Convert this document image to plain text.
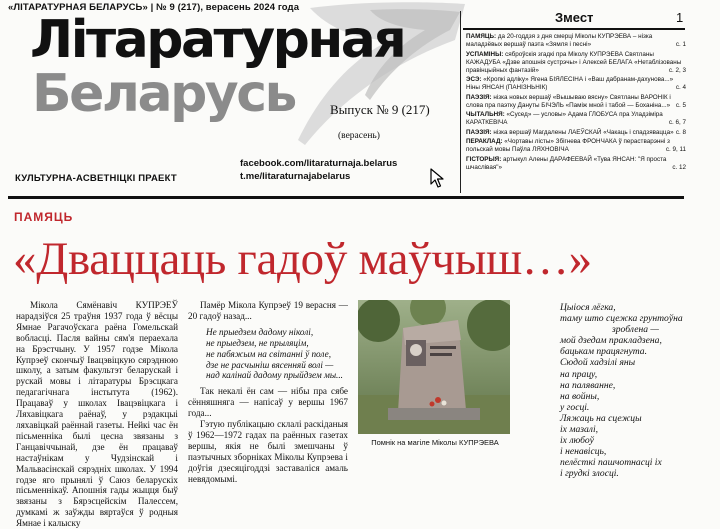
«ЛІТАРАТУРНАЯ БЕЛАРУСЬ» | № 9 (217), верасень 2024 года
Літаратурная
Беларусь	Выпуск № 9 (217)
(верасень)
КУЛЬТУРНА-АСВЕТНІЦКІ ПРАЕКТ
facebook.com/litaraturnaja.belarus
t.me/litaraturnajabelarus
Змест	1

ПАМЯЦЬ: да 20-годдзя з дня смерці Міколы КУПРЭЕВА – нізка маладзёвых вершаў паэта «Зямля і песні»	с. 1

УСПАМІНЫ: сяброўскія згадкі пра Міколу КУПРЭЕВА Святланы КАЖАДУБА «Дзве апошнія сустрэчы» і Алексей БЕЛАГА «Нетаблізованы правінцыйных фантазій»	с. 2, 3

ЭСЭ: «Кропкі адліку» Ягена БІЯЛЕСІНА і «Ваш дабранам-дахунова...» Ніны ЯНСАН (ПАНІЗНЬНІК)	с. 4

ПАЭЗІЯ: нізка новых вершаў «Вышываю вясну» Святланы ВАРОНІК і слова пра паэтку Дануты БІЧЭЛЬ «Паміж мной і табой — Боханіна...» с. 5

ЧЫТАЛЬНЯ: «Сусед» — условы» Адама ГЛОБУСА пра Уладзіміра КАРАТКЕВІЧА	с. 6, 7

ПАЭЗІЯ: нізка вершаў Магдалены ЛАЕЎСКАЙ «Чакаць і спадзявацца» с. 8

ПЕРАКЛАД: «Чортавы лісты» Збігнева ФРОНЧАКА ў перастварэнні з польскай мовы Паўла ЛЯХНОВІЧА	с. 9, 11

ГІСТОРЫЯ: артыкул Алены ДАРАФЕЕВАЙ «Тува ЯНСАН: "Я проста шчаслівая"»	с. 12

ПАМЯЦЬ
«Дваццаць гадоў маўчыш…»
Мікола Сямёнавіч КУПРЭЕЎ нарадзіўся 25 траўня 1937 года ў вёсцы Ямнае Рагачоўскага раёна Гомельскай вобласці. Пасля вайны сям'я пераехала на Брэстчыну. У 1957 годзе Мікола Купрэеў скончыў Івацэвіцкую сярэднюю школу, а затым факультэт беларускай і рускай мовы і літаратуры Брэсцкага педагагічнага інстытута (1962). Працаваў у школах Івацэвіцкага і Ляхавіцкага раёнаў, у рэдакцыі ляхавіцкай раённай газеты. Нейкі час ён пісьменніка былі цесна звязаны з Ганцавіччынай, дзе ён працаваў настаўнікам у Чудзінскай і Мальвасінскай сярэдніх школах. У 1994 годзе яго прынялі ў Саюз беларускіх пісьменнікаў. Апошнія гады жыцця быў звязаны з Бярэсцейскім Палессем, думкамі ж заўжды вяртаўся ў родныя Ямнае і калыску

Памёр Мікола Купрэеў 19 верасня — 20 гадоў назад...

Не прыедзем дадому ніколі,
не прыедзем, не прыляцім,
не пабяжым на світанні ў поле,
дзе не расчыніш вясенняй волі —
над калінай дадому прыйдзем мы...

Так некалі ён сам — нібы пра сябе сённяшняга — напісаў у вершы 1967 года...

Гэтую публікацыю склалі раскіданыя ў 1962—1972 гадах па раённых газетах вершы, якія не былі змешчаны ў паэтычных зборніках Міколы Купрэева і доўгія дзесяцігоддзі заставаліся амаль невядомымі.

Помнік на магіле Міколы КУПРЭЕВА
Цыіося лёгка,
таму што сцежка грунтоўна
зроблена —
мой дзедам пракладзена,
бацькам працягнута.
Сюдой хадзілі яны
на працу,
на паляванне,
на войны,
у госці.
Ляжаць на сцежцы
іх мазалі,
іх любоў
і ненавісць,
пелёсткі пашчотнасці іх
і грудкі злосці.
